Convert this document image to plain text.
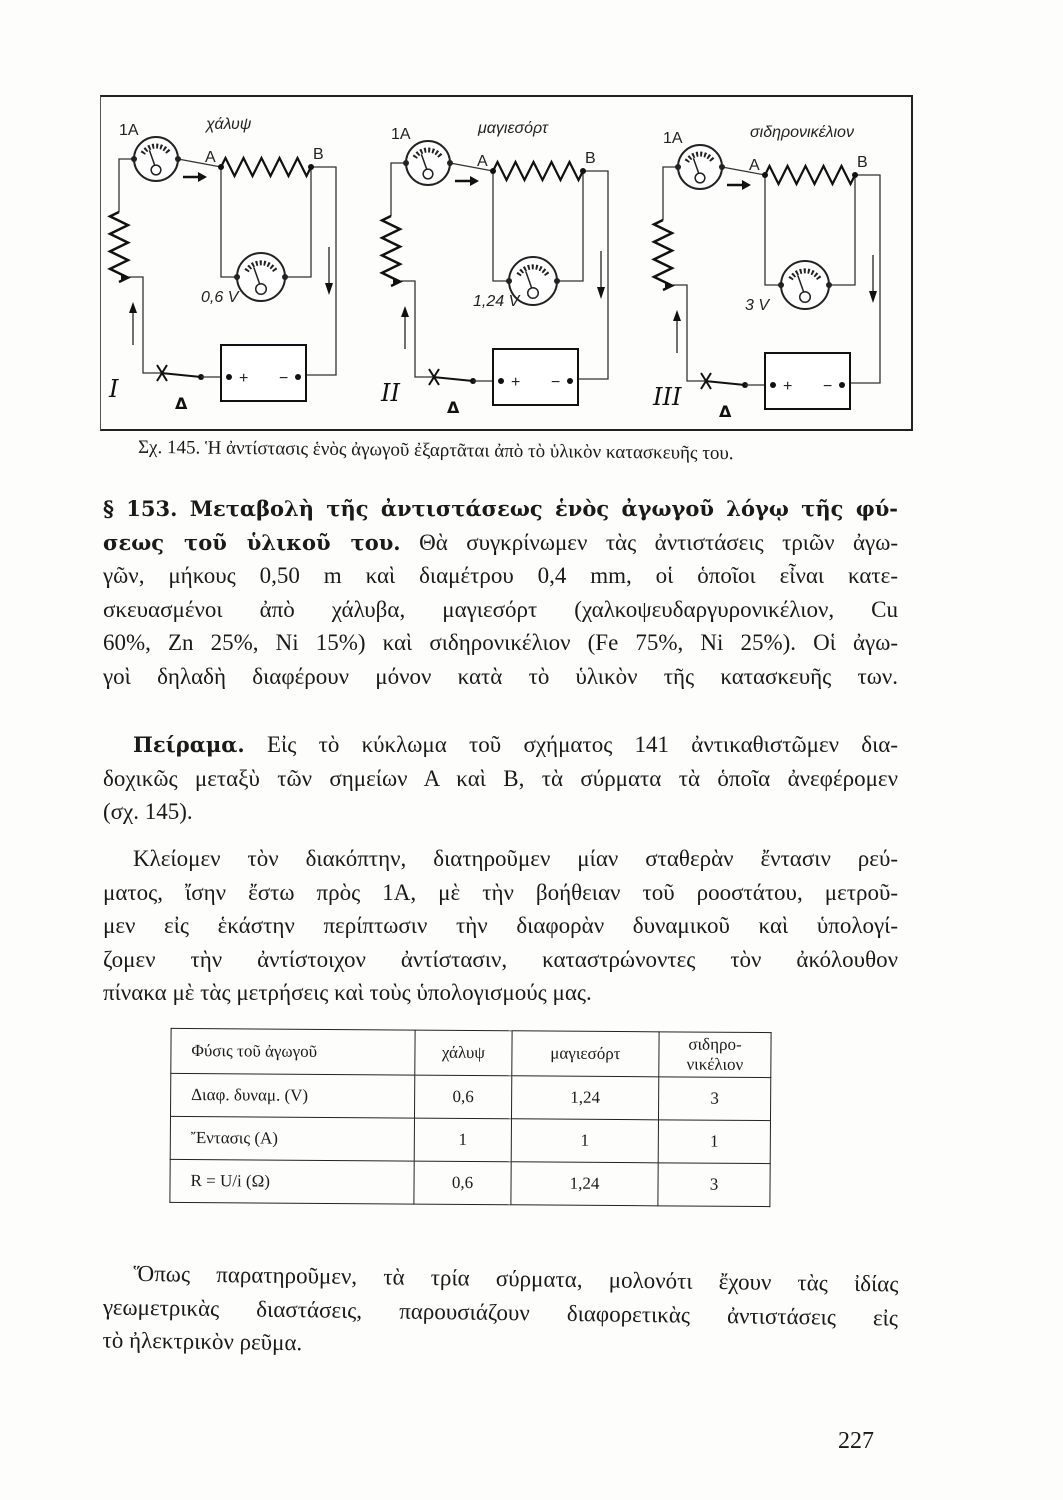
+ −
1A
A	B
χάλυψ
0,6 V
I
Δ
+ −
1A
A	B
μαγιεσόρτ
1,24 V
II
Δ
+ −
1A
A	B
σιδηρονικέλιον
3 V
III
Δ
Σχ. 145. Ἡ ἀντίστασις ἑνὸς ἀγωγοῦ ἐξαρτᾶται ἀπὸ τὸ ὑλικὸν κατασκευῆς του.
§ 153. Μεταβολὴ τῆς ἀντιστάσεως ἑνὸς ἀγωγοῦ λόγῳ τῆς φύ-
σεως τοῦ ὑλικοῦ του. Θὰ συγκρίνωμεν τὰς ἀντιστάσεις τριῶν ἀγω-
γῶν, μήκους 0,50 m καὶ διαμέτρου 0,4 mm, οἱ ὁποῖοι εἶναι κατε-
σκευασμένοι ἀπὸ χάλυβα, μαγιεσόρτ (χαλκοψευδαργυρονικέλιον, Cu
60%, Zn 25%, Ni 15%) καὶ σιδηρονικέλιον (Fe 75%, Ni 25%). Οἱ ἀγω-
γοὶ δηλαδὴ διαφέρουν μόνον κατὰ τὸ ὑλικὸν τῆς κατασκευῆς των.
Πείραμα. Εἰς τὸ κύκλωμα τοῦ σχήματος 141 ἀντικαθιστῶμεν δια-
δοχικῶς μεταξὺ τῶν σημείων Α καὶ Β, τὰ σύρματα τὰ ὁποῖα ἀνεφέρομεν
(σχ. 145).
Κλείομεν τὸν διακόπτην, διατηροῦμεν μίαν σταθερὰν ἔντασιν ρεύ-
ματος, ἴσην ἔστω πρὸς 1Α, μὲ τὴν βοήθειαν τοῦ ροοστάτου, μετροῦ-
μεν εἰς ἑκάστην περίπτωσιν τὴν διαφορὰν δυναμικοῦ καὶ ὑπολογί-
ζομεν τὴν ἀντίστοιχον ἀντίστασιν, καταστρώνοντες τὸν ἀκόλουθον
πίνακα μὲ τὰς μετρήσεις καὶ τοὺς ὑπολογισμούς μας.
Φύσις τοῦ ἀγωγοῦ	χάλυψ	μαγιεσόρτ	σιδηρο-
νικέλιον
Διαφ. δυναμ. (V)	0,6	1,24	3
Ἔντασις (A)	1	1	1
R = U/i (Ω)	0,6	1,24	3
Ὅπως παρατηροῦμεν, τὰ τρία σύρματα, μολονότι ἔχουν τὰς ἰδίας
γεωμετρικὰς διαστάσεις, παρουσιάζουν διαφορετικὰς ἀντιστάσεις εἰς
τὸ ἠλεκτρικὸν ρεῦμα.
227
